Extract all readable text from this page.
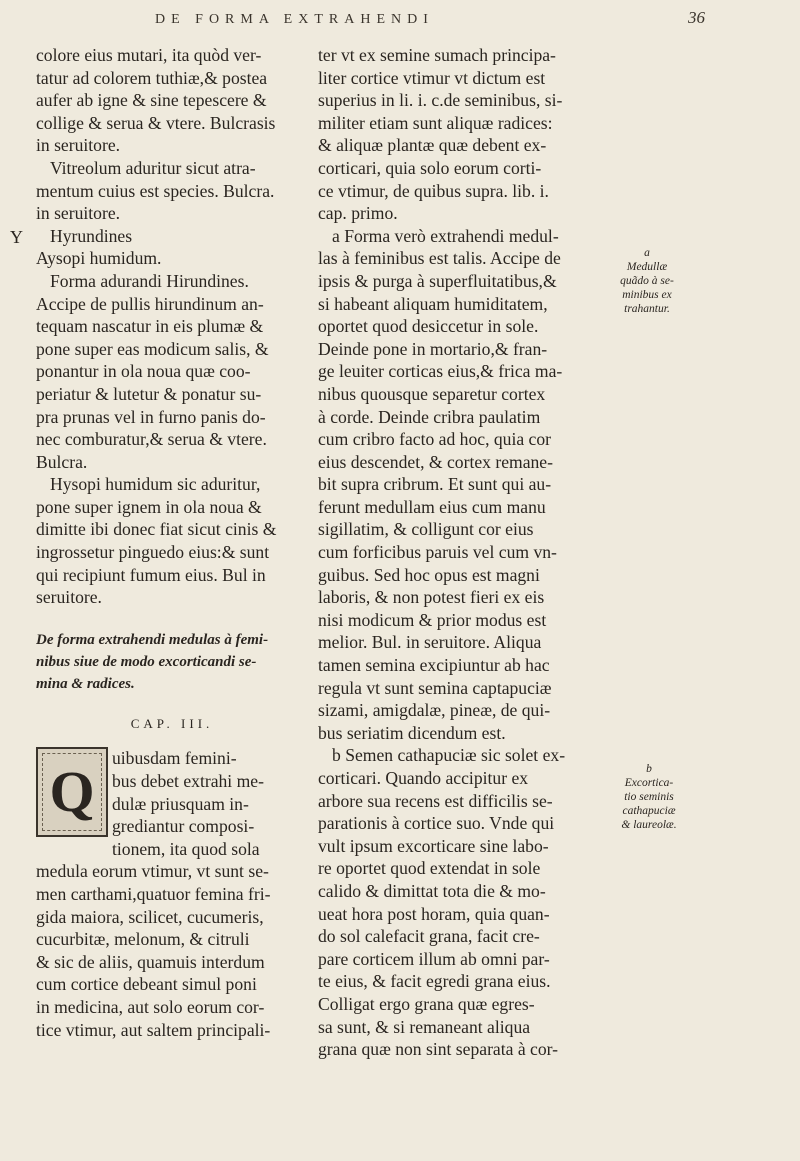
DE FORMA EXTRAHENDI	36
Y
colore eius mutari, ita quòd ver-
tatur ad colorem tuthiæ,& postea
aufer ab igne & sine tepescere &
collige & serua & vtere. Bulcrasis
in seruitore.
Vitreolum aduritur sicut atra-
mentum cuius est species. Bulcra.
in seruitore.
Hyrundines
Aysopi humidum.
Forma adurandi Hirundines.
Accipe de pullis hirundinum an-
tequam nascatur in eis plumæ &
pone super eas modicum salis, &
ponantur in ola noua quæ coo-
periatur & lutetur & ponatur su-
pra prunas vel in furno panis do-
nec comburatur,& serua & vtere.
Bulcra.
Hysopi humidum sic aduritur,
pone super ignem in ola noua &
dimitte ibi donec fiat sicut cinis &
ingrossetur pinguedo eius:& sunt
qui recipiunt fumum eius. Bul in
seruitore.
De forma extrahendi medulas à femi-
nibus siue de modo excorticandi se-
mina & radices.
CAP. III.
Q
uibusdam femini-
bus debet extrahi me-
dulæ priusquam in-
grediantur composi-
tionem, ita quod sola
medula eorum vtimur, vt sunt se-
men carthami,quatuor femina fri-
gida maiora, scilicet, cucumeris,
cucurbitæ, melonum, & citruli
& sic de aliis, quamuis interdum
cum cortice debeant simul poni
in medicina, aut solo eorum cor-
tice vtimur, aut saltem principali-
ter vt ex semine sumach principa-
liter cortice vtimur vt dictum est
superius in li. i. c.de seminibus, si-
militer etiam sunt aliquæ radices:
& aliquæ plantæ quæ debent ex-
corticari, quia solo eorum corti-
ce vtimur, de quibus supra. lib. i.
cap. primo.
a Forma verò extrahendi medul-
las à feminibus est talis. Accipe de
ipsis & purga à superfluitatibus,&
si habeant aliquam humiditatem,
oportet quod desiccetur in sole.
Deinde pone in mortario,& fran-
ge leuiter corticas eius,& frica ma-
nibus quousque separetur cortex
à corde. Deinde cribra paulatim
cum cribro facto ad hoc, quia cor
eius descendet, & cortex remane-
bit supra cribrum. Et sunt qui au-
ferunt medullam eius cum manu
sigillatim, & colligunt cor eius
cum forficibus paruis vel cum vn-
guibus. Sed hoc opus est magni
laboris, & non potest fieri ex eis
nisi modicum & prior modus est
melior. Bul. in seruitore. Aliqua
tamen semina excipiuntur ab hac
regula vt sunt semina captapuciæ
sizami, amigdalæ, pineæ, de qui-
bus seriatim dicendum est.
b Semen cathapuciæ sic solet ex-
corticari. Quando accipitur ex
arbore sua recens est difficilis se-
parationis à cortice suo. Vnde qui
vult ipsum excorticare sine labo-
re oportet quod extendat in sole
calido & dimittat tota die & mo-
ueat hora post horam, quia quan-
do sol calefacit grana, facit cre-
pare corticem illum ab omni par-
te eius, & facit egredi grana eius.
Colligat ergo grana quæ egres-
sa sunt, & si remaneant aliqua
grana quæ non sint separata à cor-
a
Medullæ
quãdo à se-
minibus ex
trahantur.
b
Excortica-
tio seminis
cathapuciæ
& laureolæ.
